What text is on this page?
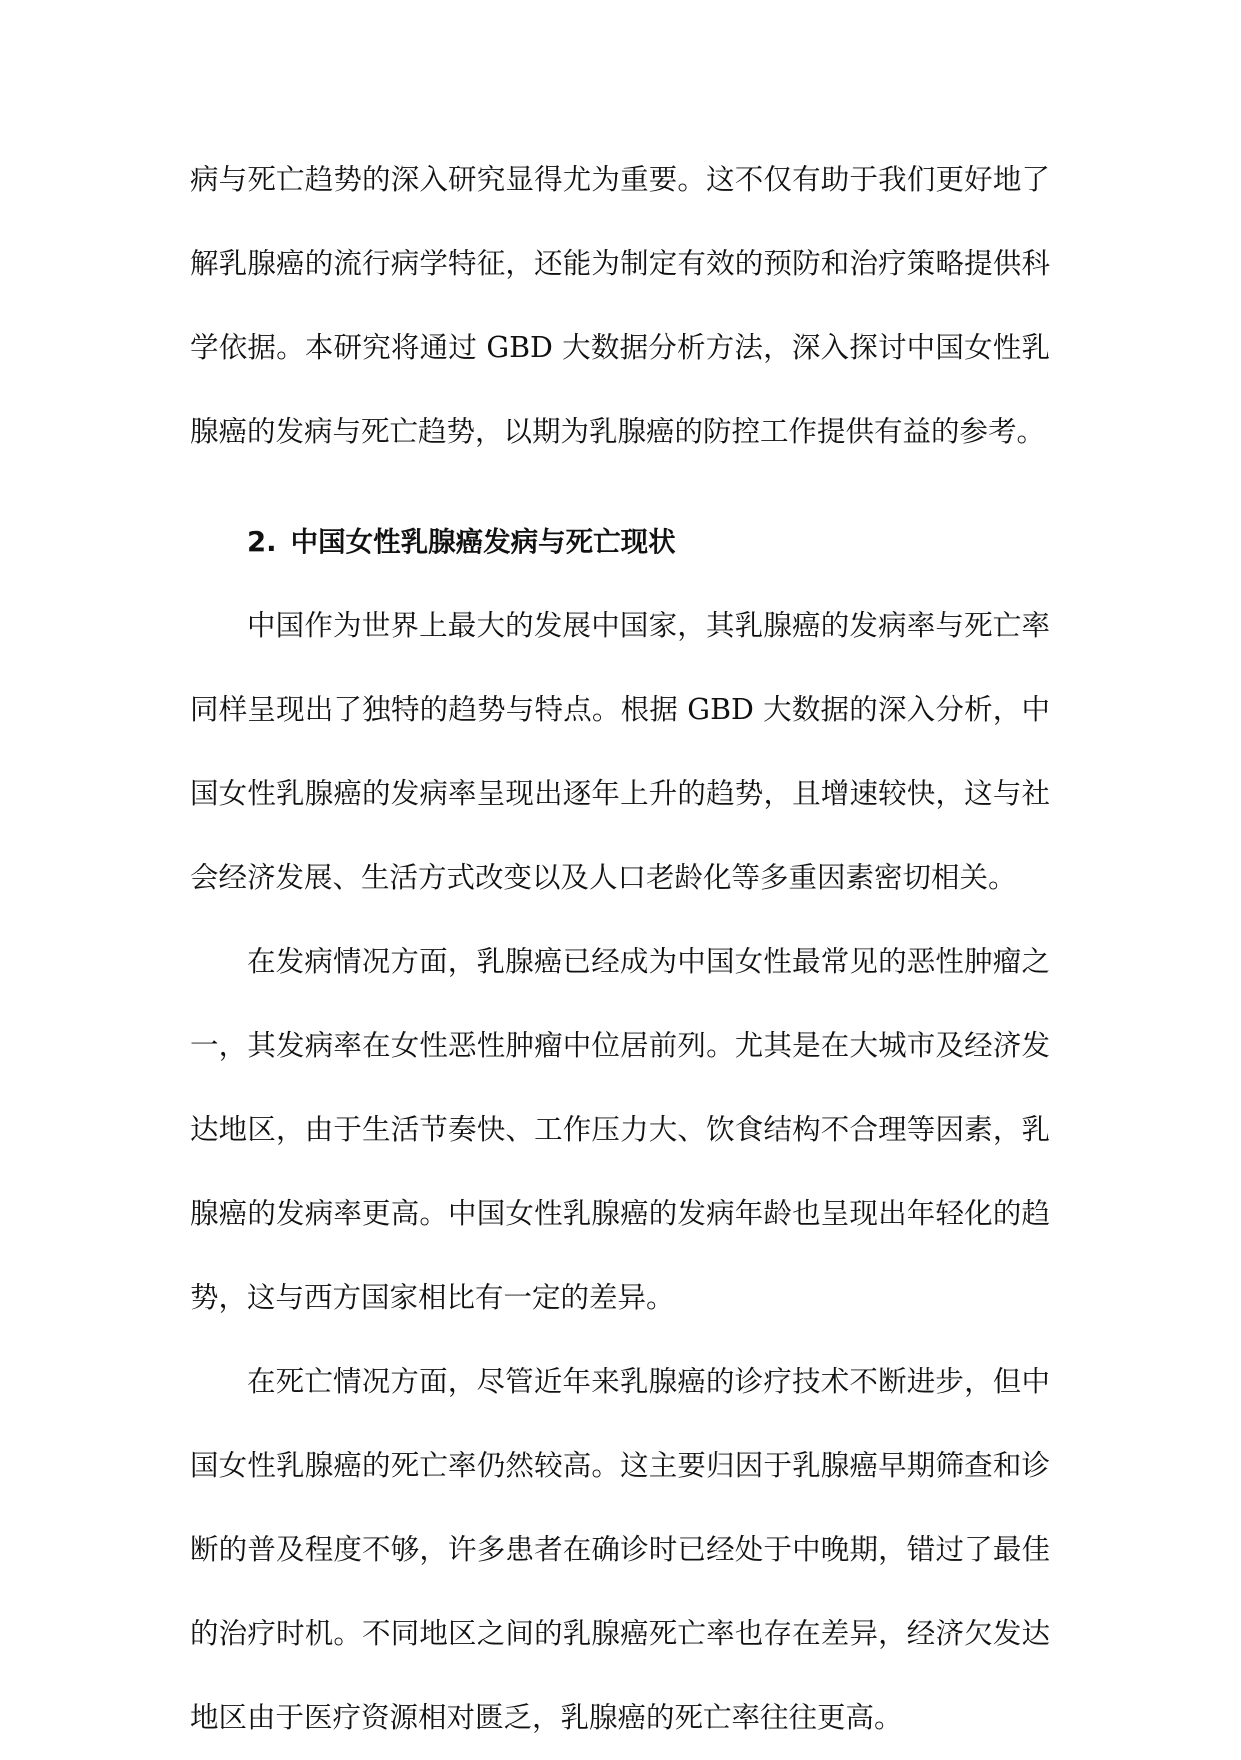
病与死亡趋势的深入研究显得尤为重要。这不仅有助于我们更好地了解乳腺癌的流行病学特征，还能为制定有效的预防和治疗策略提供科学依据。本研究将通过 GBD 大数据分析方法，深入探讨中国女性乳腺癌的发病与死亡趋势，以期为乳腺癌的防控工作提供有益的参考。

2. 中国女性乳腺癌发病与死亡现状

中国作为世界上最大的发展中国家，其乳腺癌的发病率与死亡率同样呈现出了独特的趋势与特点。根据 GBD 大数据的深入分析，中国女性乳腺癌的发病率呈现出逐年上升的趋势，且增速较快，这与社会经济发展、生活方式改变以及人口老龄化等多重因素密切相关。

在发病情况方面，乳腺癌已经成为中国女性最常见的恶性肿瘤之一，其发病率在女性恶性肿瘤中位居前列。尤其是在大城市及经济发达地区，由于生活节奏快、工作压力大、饮食结构不合理等因素，乳腺癌的发病率更高。中国女性乳腺癌的发病年龄也呈现出年轻化的趋势，这与西方国家相比有一定的差异。

在死亡情况方面，尽管近年来乳腺癌的诊疗技术不断进步，但中国女性乳腺癌的死亡率仍然较高。这主要归因于乳腺癌早期筛查和诊断的普及程度不够，许多患者在确诊时已经处于中晚期，错过了最佳的治疗时机。不同地区之间的乳腺癌死亡率也存在差异，经济欠发达地区由于医疗资源相对匮乏，乳腺癌的死亡率往往更高。
